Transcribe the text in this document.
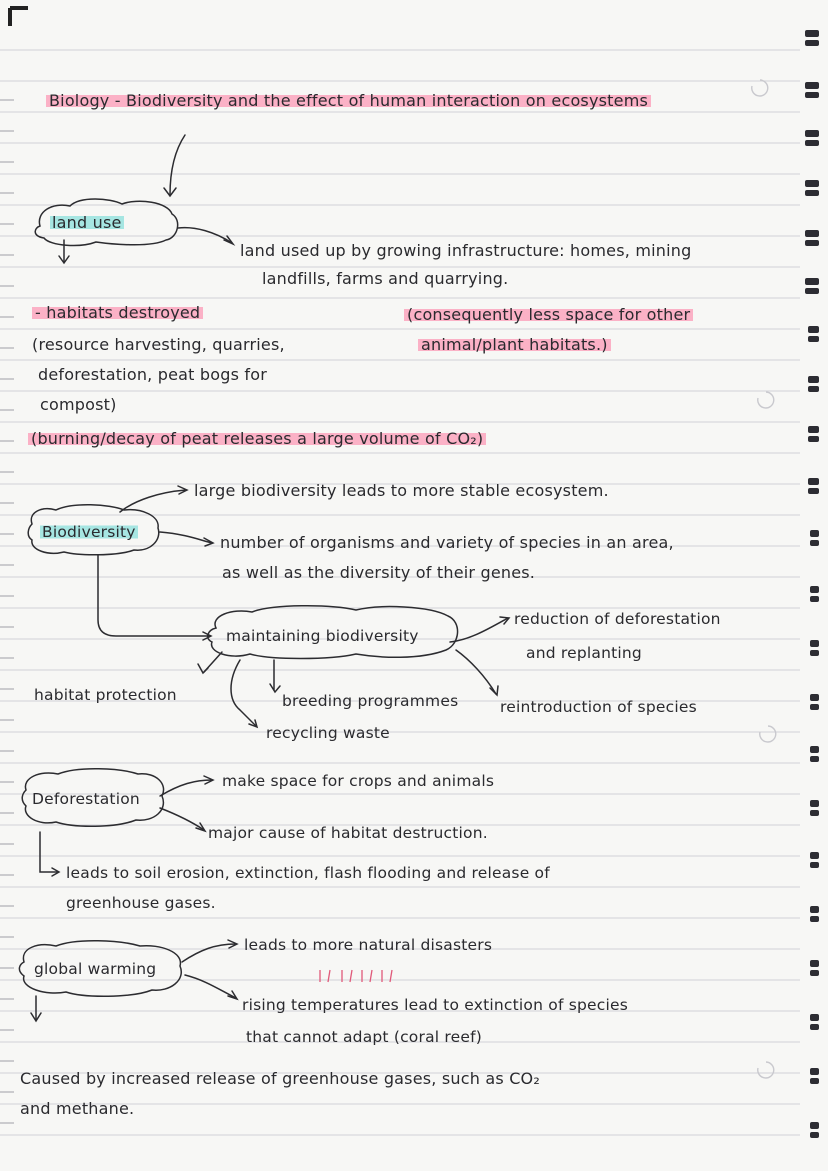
Biology - Biodiversity and the effect of human interaction on ecosystems
land use
land used up by growing infrastructure: homes, mining
landfills, farms and quarrying.
- habitats destroyed
(resource harvesting, quarries,
deforestation, peat bogs for
compost)
(consequently less space for other
animal/plant habitats.)
(burning/decay of peat releases a large volume of CO₂)
Biodiversity
large biodiversity leads to more stable ecosystem.
number of organisms and variety of species in an area,
as well as the diversity of their genes.
maintaining biodiversity
reduction of deforestation
and replanting
habitat protection	breeding programmes	reintroduction of species
recycling waste
Deforestation
make space for crops and animals
major cause of habitat destruction.
leads to soil erosion, extinction, flash flooding and release of
greenhouse gases.
global warming
leads to more natural disasters
rising temperatures lead to extinction of species
that cannot adapt (coral reef)
Caused by increased release of greenhouse gases, such as CO₂
and methane.
